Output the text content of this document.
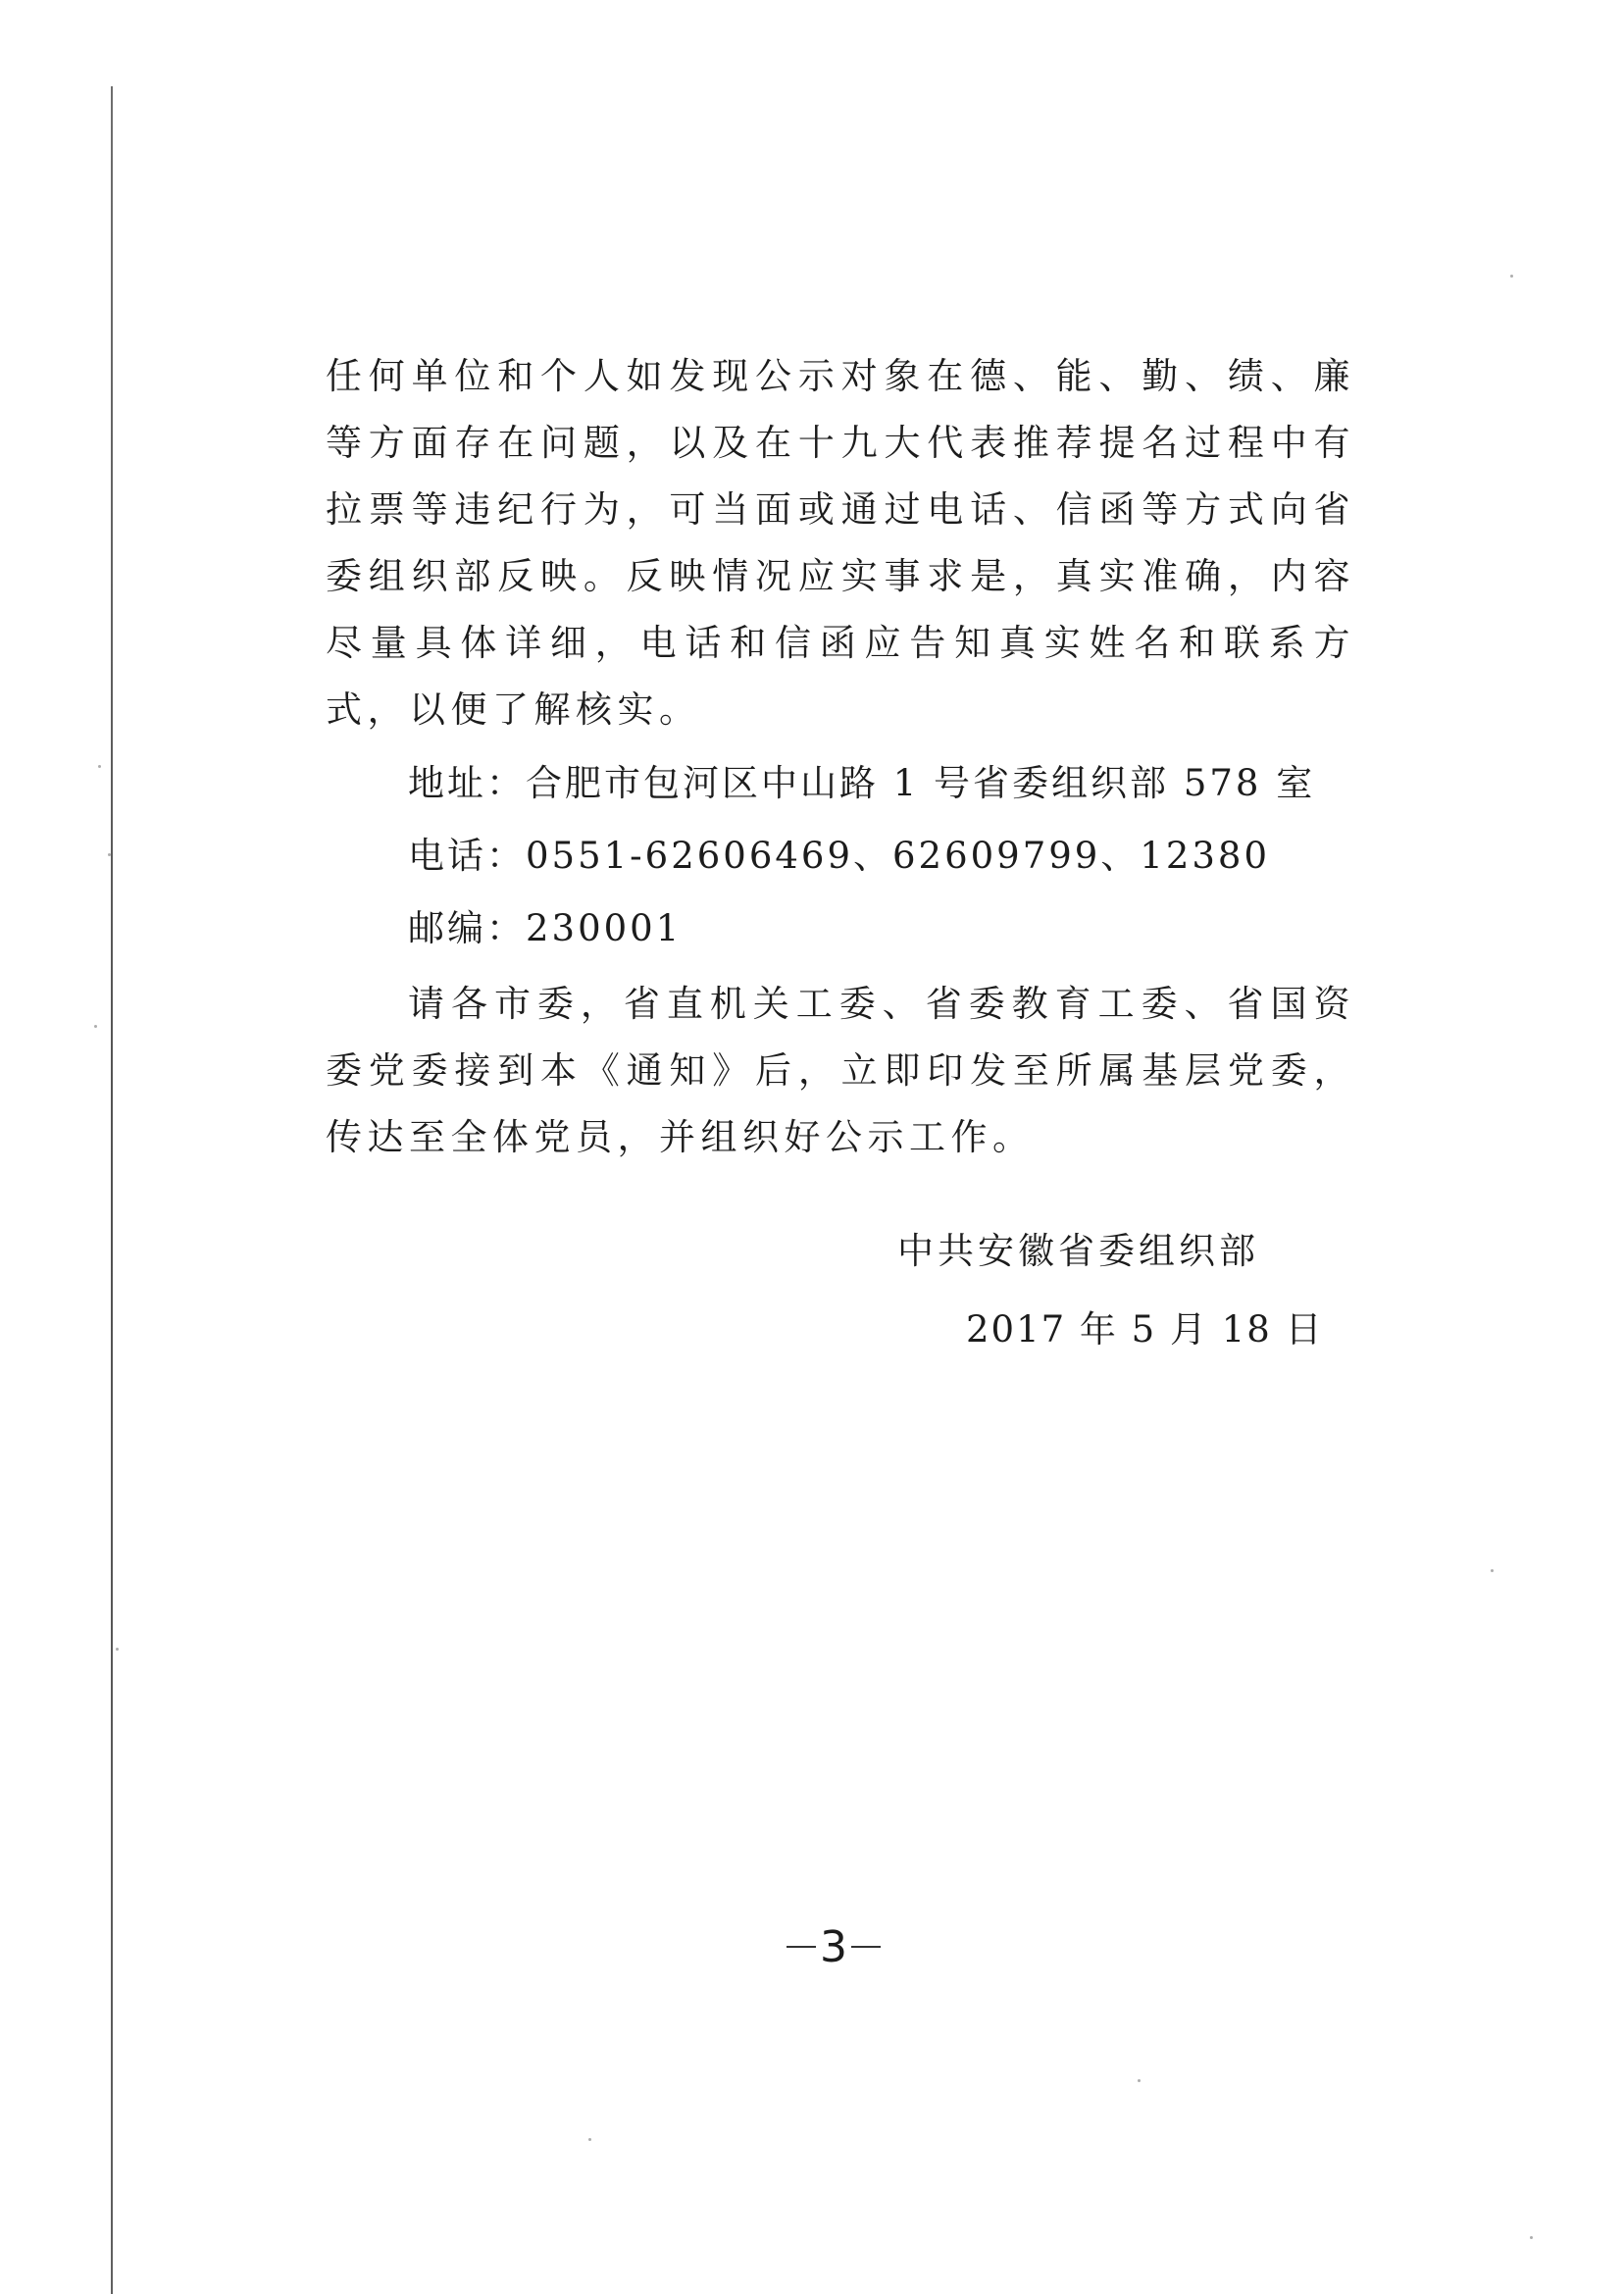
任何单位和个人如发现公示对象在德、能、勤、绩、廉等方面存在问题，以及在十九大代表推荐提名过程中有拉票等违纪行为，可当面或通过电话、信函等方式向省委组织部反映。反映情况应实事求是，真实准确，内容尽量具体详细，电话和信函应告知真实姓名和联系方式，以便了解核实。

地址：合肥市包河区中山路 1 号省委组织部 578 室

电话：0551-62606469、62609799、12380

邮编：230001

请各市委，省直机关工委、省委教育工委、省国资委党委接到本《通知》后，立即印发至所属基层党委，传达至全体党员，并组织好公示工作。

中共安徽省委组织部

2017 年 5 月 18 日

3
